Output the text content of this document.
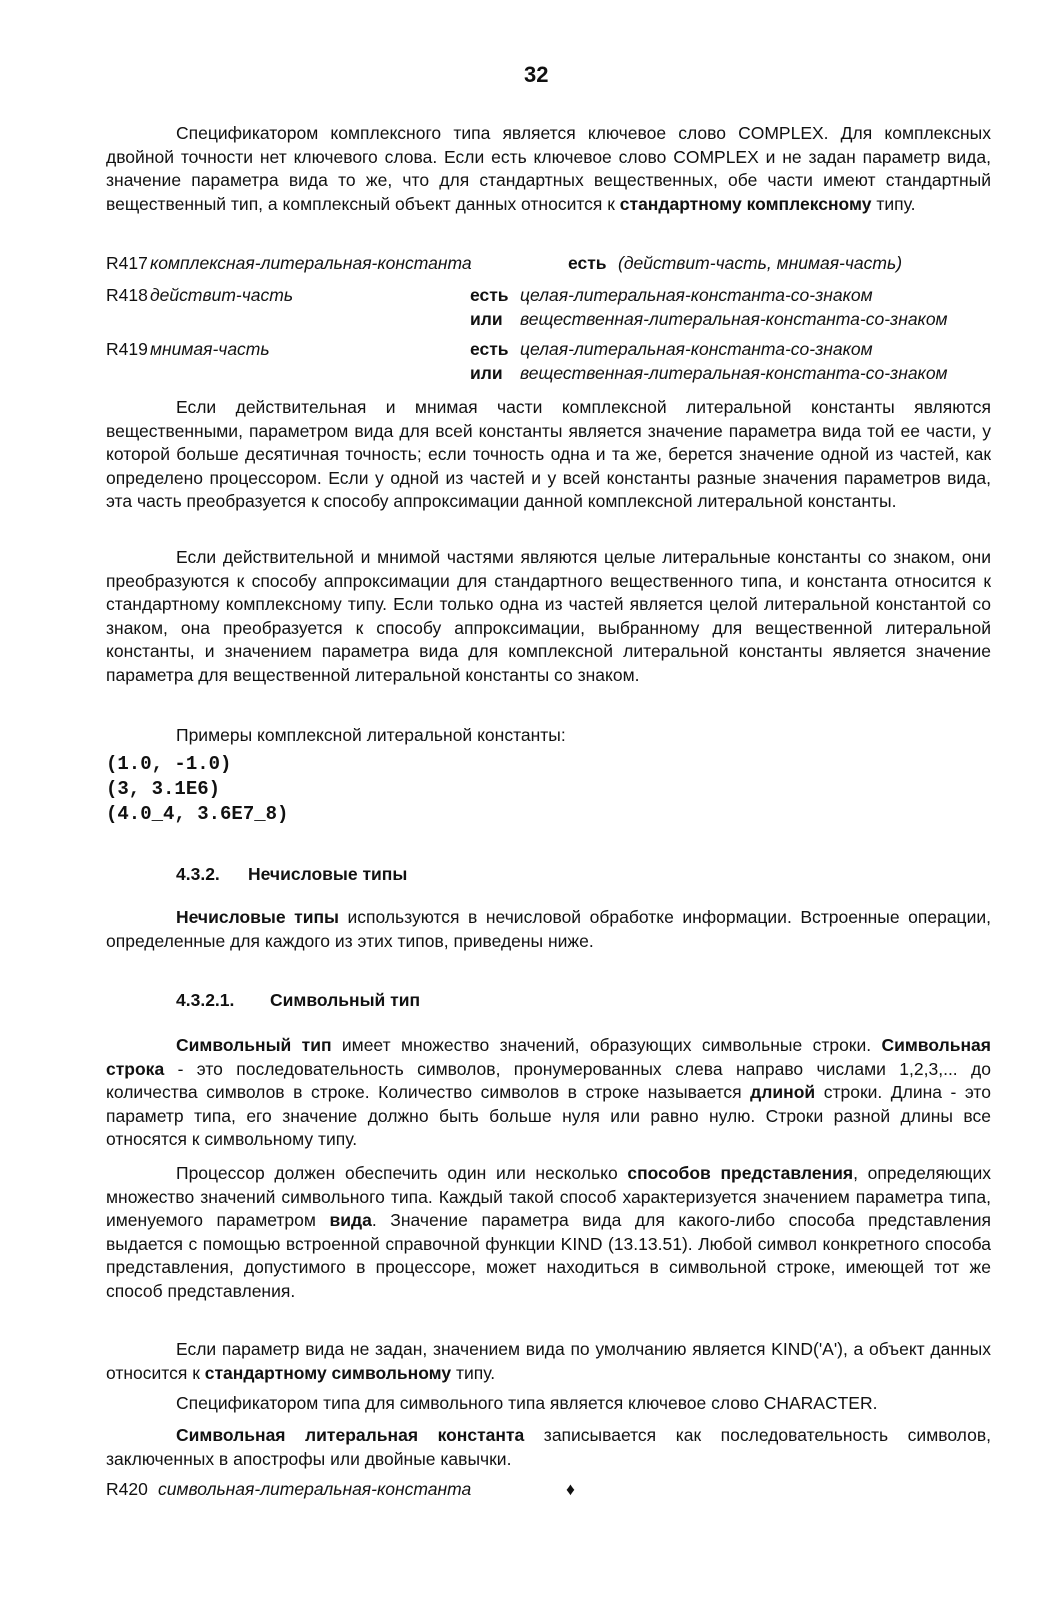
32

Спецификатором комплексного типа является ключевое слово COMPLEX. Для комплексных двойной точности нет ключевого слова. Если есть ключевое слово COMPLEX и не задан параметр вида, значение параметра вида то же, что для стандартных вещественных, обе части имеют стандартный вещественный тип, а комплексный объект данных относится к стандартному комплексному типу.

R417 комплексная-литеральная-константа	есть (действит-часть, мнимая-часть)
R418 действит-часть	есть целая-литеральная-константа-со-знаком
или вещественная-литеральная-константа-со-знаком
R419 мнимая-часть	есть целая-литеральная-константа-со-знаком
или вещественная-литеральная-константа-со-знаком

Если действительная и мнимая части комплексной литеральной константы являются вещественными, параметром вида для всей константы является значение параметра вида той ее части, у которой больше десятичная точность; если точность одна и та же, берется значение одной из частей, как определено процессором. Если у одной из частей и у всей константы разные значения параметров вида, эта часть преобразуется к способу аппроксимации данной комплексной литеральной константы.

Если действительной и мнимой частями являются целые литеральные константы со знаком, они преобразуются к способу аппроксимации для стандартного вещественного типа, и константа относится к стандартному комплексному типу. Если только одна из частей является целой литеральной константой со знаком, она преобразуется к способу аппроксимации, выбранному для вещественной литеральной константы, и значением параметра вида для комплексной литеральной константы является значение параметра для вещественной литеральной константы со знаком.

Примеры комплексной литеральной константы:

(1.0, -1.0)
(3, 3.1E6)
(4.0_4, 3.6E7_8)
4.3.2. Нечисловые типы

Нечисловые типы используются в нечисловой обработке информации. Встроенные операции, определенные для каждого из этих типов, приведены ниже.

4.3.2.1. Символьный тип

Символьный тип имеет множество значений, образующих символьные строки. Символьная строка - это последовательность символов, пронумерованных слева направо числами 1,2,3,... до количества символов в строке. Количество символов в строке называется длиной строки. Длина - это параметр типа, его значение должно быть больше нуля или равно нулю. Строки разной длины все относятся к символьному типу.

Процессор должен обеспечить один или несколько способов представления, определяющих множество значений символьного типа. Каждый такой способ характеризуется значением параметра типа, именуемого параметром вида. Значение параметра вида для какого-либо способа представления выдается с помощью встроенной справочной функции KIND (13.13.51). Любой символ конкретного способа представления, допустимого в процессоре, может находиться в символьной строке, имеющей тот же способ представления.

Если параметр вида не задан, значением вида по умолчанию является KIND('A'), а объект данных относится к стандартному символьному типу.

Спецификатором типа для символьного типа является ключевое слово CHARACTER.

Символьная литеральная константа записывается как последовательность символов, заключенных в апострофы или двойные кавычки.

R420 символьная-литеральная-константа	♦
